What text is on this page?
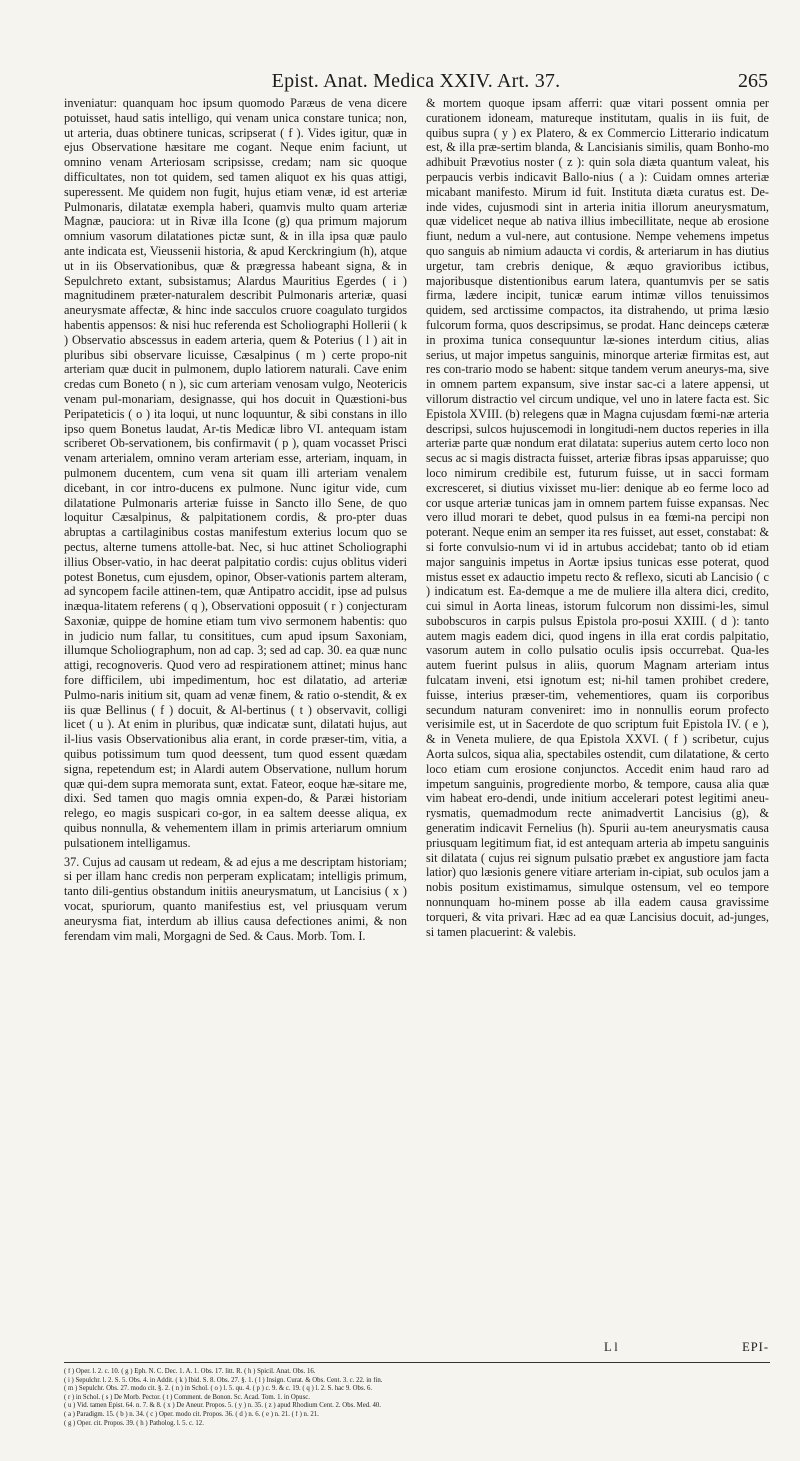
Epist. Anat. Medica XXIV. Art. 37.	265

inveniatur: quanquam hoc ipsum quomodo Paræus de vena dicere potuisset, haud satis intelligo, qui venam unica constare tunica; non, ut arteria, duas obtinere tunicas, scripserat ( f ). Vides igitur, quæ in ejus Observatione hæsitare me cogant. Neque enim faciunt, ut omnino venam Arteriosam scripsisse, credam; nam sic quoque difficultates, non tot quidem, sed tamen aliquot ex his quas attigi, superessent. Me quidem non fugit, hujus etiam venæ, id est arteriæ Pulmonaris, dilatatæ exempla haberi, quamvis multo quam arteriæ Magnæ, pauciora: ut in Rivæ illa Icone (g) qua primum majorum omnium vasorum dilatationes pictæ sunt, & in illa ipsa quæ paulo ante indicata est, Vieussenii historia, & apud Kerckringium (h), atque ut in iis Observationibus, quæ & prægressa habeant signa, & in Sepulchreto extant, subsistamus; Alardus Mauritius Egerdes ( i ) magnitudinem præter-naturalem describit Pulmonaris arteriæ, quasi aneurysmate affectæ, & hinc inde sacculos cruore coagulato turgidos habentis appensos: & nisi huc referenda est Scholiographi Hollerii ( k ) Observatio abscessus in eadem arteria, quem & Poterius ( l ) ait in pluribus sibi observare licuisse, Cæsalpinus ( m ) certe propo-nit arteriam quæ ducit in pulmonem, duplo latiorem naturali. Cave enim credas cum Boneto ( n ), sic cum arteriam venosam vulgo, Neotericis venam pul-monariam, designasse, qui hos docuit in Quæstioni-bus Peripateticis ( o ) ita loqui, ut nunc loquuntur, & sibi constans in illo ipso quem Bonetus laudat, Ar-tis Medicæ libro VI. antequam istam scriberet Ob-servationem, bis confirmavit ( p ), quam vocasset Prisci venam arterialem, omnino veram arteriam esse, arteriam, inquam, in pulmonem ducentem, cum vena sit quam illi arteriam venalem dicebant, in cor intro-ducens ex pulmone. Nunc igitur vide, cum dilatatione Pulmonaris arteriæ fuisse in Sancto illo Sene, de quo loquitur Cæsalpinus, & palpitationem cordis, & pro-pter duas abruptas a cartilaginibus costas manifestum exterius locum quo se pectus, alterne tumens attolle-bat. Nec, si huc attinet Scholiographi illius Obser-vatio, in hac deerat palpitatio cordis: cujus oblitus videri potest Bonetus, cum ejusdem, opinor, Obser-vationis partem alteram, ad syncopem facile attinen-tem, quæ Antipatro accidit, ipse ad pulsus inæqua-litatem referens ( q ), Observationi opposuit ( r ) conjecturam Saxoniæ, quippe de homine etiam tum vivo sermonem habentis: quo in judicio num fallar, tu consititues, cum apud ipsum Saxoniam, illumque Scholiographum, non ad cap. 3; sed ad cap. 30. ea quæ nunc attigi, recognoveris. Quod vero ad respirationem attinet; minus hanc fore difficilem, ubi impedimentum, hoc est dilatatio, ad arteriæ Pulmo-naris initium sit, quam ad venæ finem, & ratio o-stendit, & ex iis quæ Bellinus ( f ) docuit, & Al-bertinus ( t ) observavit, colligi licet ( u ). At enim in pluribus, quæ indicatæ sunt, dilatati hujus, aut il-lius vasis Observationibus alia erant, in corde præser-tim, vitia, a quibus potissimum tum quod deessent, tum quod essent quædam signa, repetendum est; in Alardi autem Observatione, nullum horum quæ qui-dem supra memorata sunt, extat. Fateor, eoque hæ-sitare me, dixi. Sed tamen quo magis omnia expen-do, & Paræi historiam relego, eo magis suspicari co-gor, in ea saltem deesse aliqua, ex quibus nonnulla, & vehementem illam in primis arteriarum omnium pulsationem intelligamus.

37. Cujus ad causam ut redeam, & ad ejus a me descriptam historiam; si per illam hanc credis non perperam explicatam; intelligis primum, tanto dili-gentius obstandum initiis aneurysmatum, ut Lancisius ( x ) vocat, spuriorum, quanto manifestius est, vel priusquam verum aneurysma fiat, interdum ab illius causa defectiones animi, & non ferendam vim mali, Morgagni de Sed. & Caus. Morb. Tom. I.

& mortem quoque ipsam afferri: quæ vitari possent omnia per curationem idoneam, matureque institutam, qualis in iis fuit, de quibus supra ( y ) ex Platero, & ex Commercio Litterario indicatum est, & illa præ-sertim blanda, & Lancisianis similis, quam Bonho-mo adhibuit Prævotius noster ( z ): quin sola diæta quantum valeat, his perpaucis verbis indicavit Ballo-nius ( a ): Cuidam omnes arteriæ micabant manifesto. Mirum id fuit. Instituta diæta curatus est. De-inde vides, cujusmodi sint in arteria initia illorum aneurysmatum, quæ videlicet neque ab nativa illius imbecillitate, neque ab erosione fiunt, nedum a vul-nere, aut contusione. Nempe vehemens impetus quo sanguis ab nimium adaucta vi cordis, & arteriarum in has diutius urgetur, tam crebris denique, & æquo gravioribus ictibus, majoribusque distentionibus earum latera, quantumvis per se satis firma, lædere incipit, tunicæ earum intimæ villos tenuissimos quidem, sed arctissime compactos, ita distrahendo, ut prima læsio fulcorum forma, quos descripsimus, se prodat. Hanc deinceps cæteræ in proxima tunica consequuntur læ-siones interdum citius, alias serius, ut major impetus sanguinis, minorque arteriæ firmitas est, aut res con-trario modo se habent: sitque tandem verum aneurys-ma, sive in omnem partem expansum, sive instar sac-ci a latere appensi, ut villorum distractio vel circum undique, vel uno in latere facta est. Sic Epistola XVIII. (b) relegens quæ in Magna cujusdam fœmi-næ arteria descripsi, sulcos hujuscemodi in longitudi-nem ductos reperies in illa arteriæ parte quæ nondum erat dilatata: superius autem certo loco non secus ac si magis distracta fuisset, arteriæ fibras ipsas apparuisse; quo loco nimirum credibile est, futurum fuisse, ut in sacci formam excresceret, si diutius vixisset mu-lier: denique ab eo ferme loco ad cor usque arteriæ tunicas jam in omnem partem fuisse expansas. Nec vero illud morari te debet, quod pulsus in ea fœmi-na percipi non poterant. Neque enim an semper ita res fuisset, aut esset, constabat: & si forte convulsio-num vi id in artubus accidebat; tanto ob id etiam major sanguinis impetus in Aortæ ipsius tunicas esse poterat, quod mistus esset ex adauctio impetu recto & reflexo, sicuti ab Lancisio ( c ) indicatum est. Ea-demque a me de muliere illa altera dici, credito, cui simul in Aorta lineas, istorum fulcorum non dissimi-les, simul subobscuros in carpis pulsus Epistola pro-posui XXIII. ( d ): tanto autem magis eadem dici, quod ingens in illa erat cordis palpitatio, vasorum autem in collo pulsatio oculis ipsis occurrebat. Qua-les autem fuerint pulsus in aliis, quorum Magnam arteriam intus fulcatam inveni, etsi ignotum est; ni-hil tamen prohibet credere, fuisse, interius præser-tim, vehementiores, quam iis corporibus secundum naturam conveniret: imo in nonnullis eorum profecto verisimile est, ut in Sacerdote de quo scriptum fuit Epistola IV. ( e ), & in Veneta muliere, de qua Epistola XXVI. ( f ) scribetur, cujus Aorta sulcos, siqua alia, spectabiles ostendit, cum dilatatione, & certo loco etiam cum erosione conjunctos. Accedit enim haud raro ad impetum sanguinis, progrediente morbo, & tempore, causa alia quæ vim habeat ero-dendi, unde initium accelerari potest legitimi aneu-rysmatis, quemadmodum recte animadvertit Lancisius (g), & generatim indicavit Fernelius (h). Spurii au-tem aneurysmatis causa priusquam legitimum fiat, id est antequam arteria ab impetu sanguinis sit dilatata ( cujus rei signum pulsatio præbet ex angustiore jam facta latior) quo læsionis genere vitiare arteriam in-cipiat, sub oculos jam a nobis positum existimamus, simulque ostensum, vel eo tempore nonnunquam ho-minem posse ab illa eadem causa gravissime torqueri, & vita privari. Hæc ad ea quæ Lancisius docuit, ad-junges, si tamen placuerint: & valebis.

L l	EPI-

( f ) Oper. l. 2. c. 10. ( g ) Eph. N. C. Dec. 1. A. 1. Obs. 17. litt. R. ( h ) Spicil. Anat. Obs. 16.

( i ) Sepulchr. l. 2. S. 5. Obs. 4. in Addit. ( k ) Ibid. S. 8. Obs. 27. §. 1. ( l ) Insign. Curat. & Obs. Cent. 3. c. 22. in fin.

( m ) Sepulchr. Obs. 27. modo cit. §. 2. ( n ) in Schol. ( o ) l. 5. qu. 4. ( p ) c. 9. & c. 19. ( q ) l. 2. S. hac 9. Obs. 6.

( r ) in Schol. ( s ) De Morb. Pector. ( t ) Comment. de Bonon. Sc. Acad. Tom. 1. in Opusc.

( u ) Vid. tamen Epist. 64. n. 7. & 8. ( x ) De Aneur. Propos. 5. ( y ) n. 35. ( z ) apud Rhodium Cent. 2. Obs. Med. 40.

( a ) Paradigm. 15. ( b ) n. 34. ( c ) Oper. modo cit. Propos. 36. ( d ) n. 6. ( e ) n. 21. ( f ) n. 21.

( g ) Oper. cit. Propos. 39. ( h ) Patholog. l. 5. c. 12.
